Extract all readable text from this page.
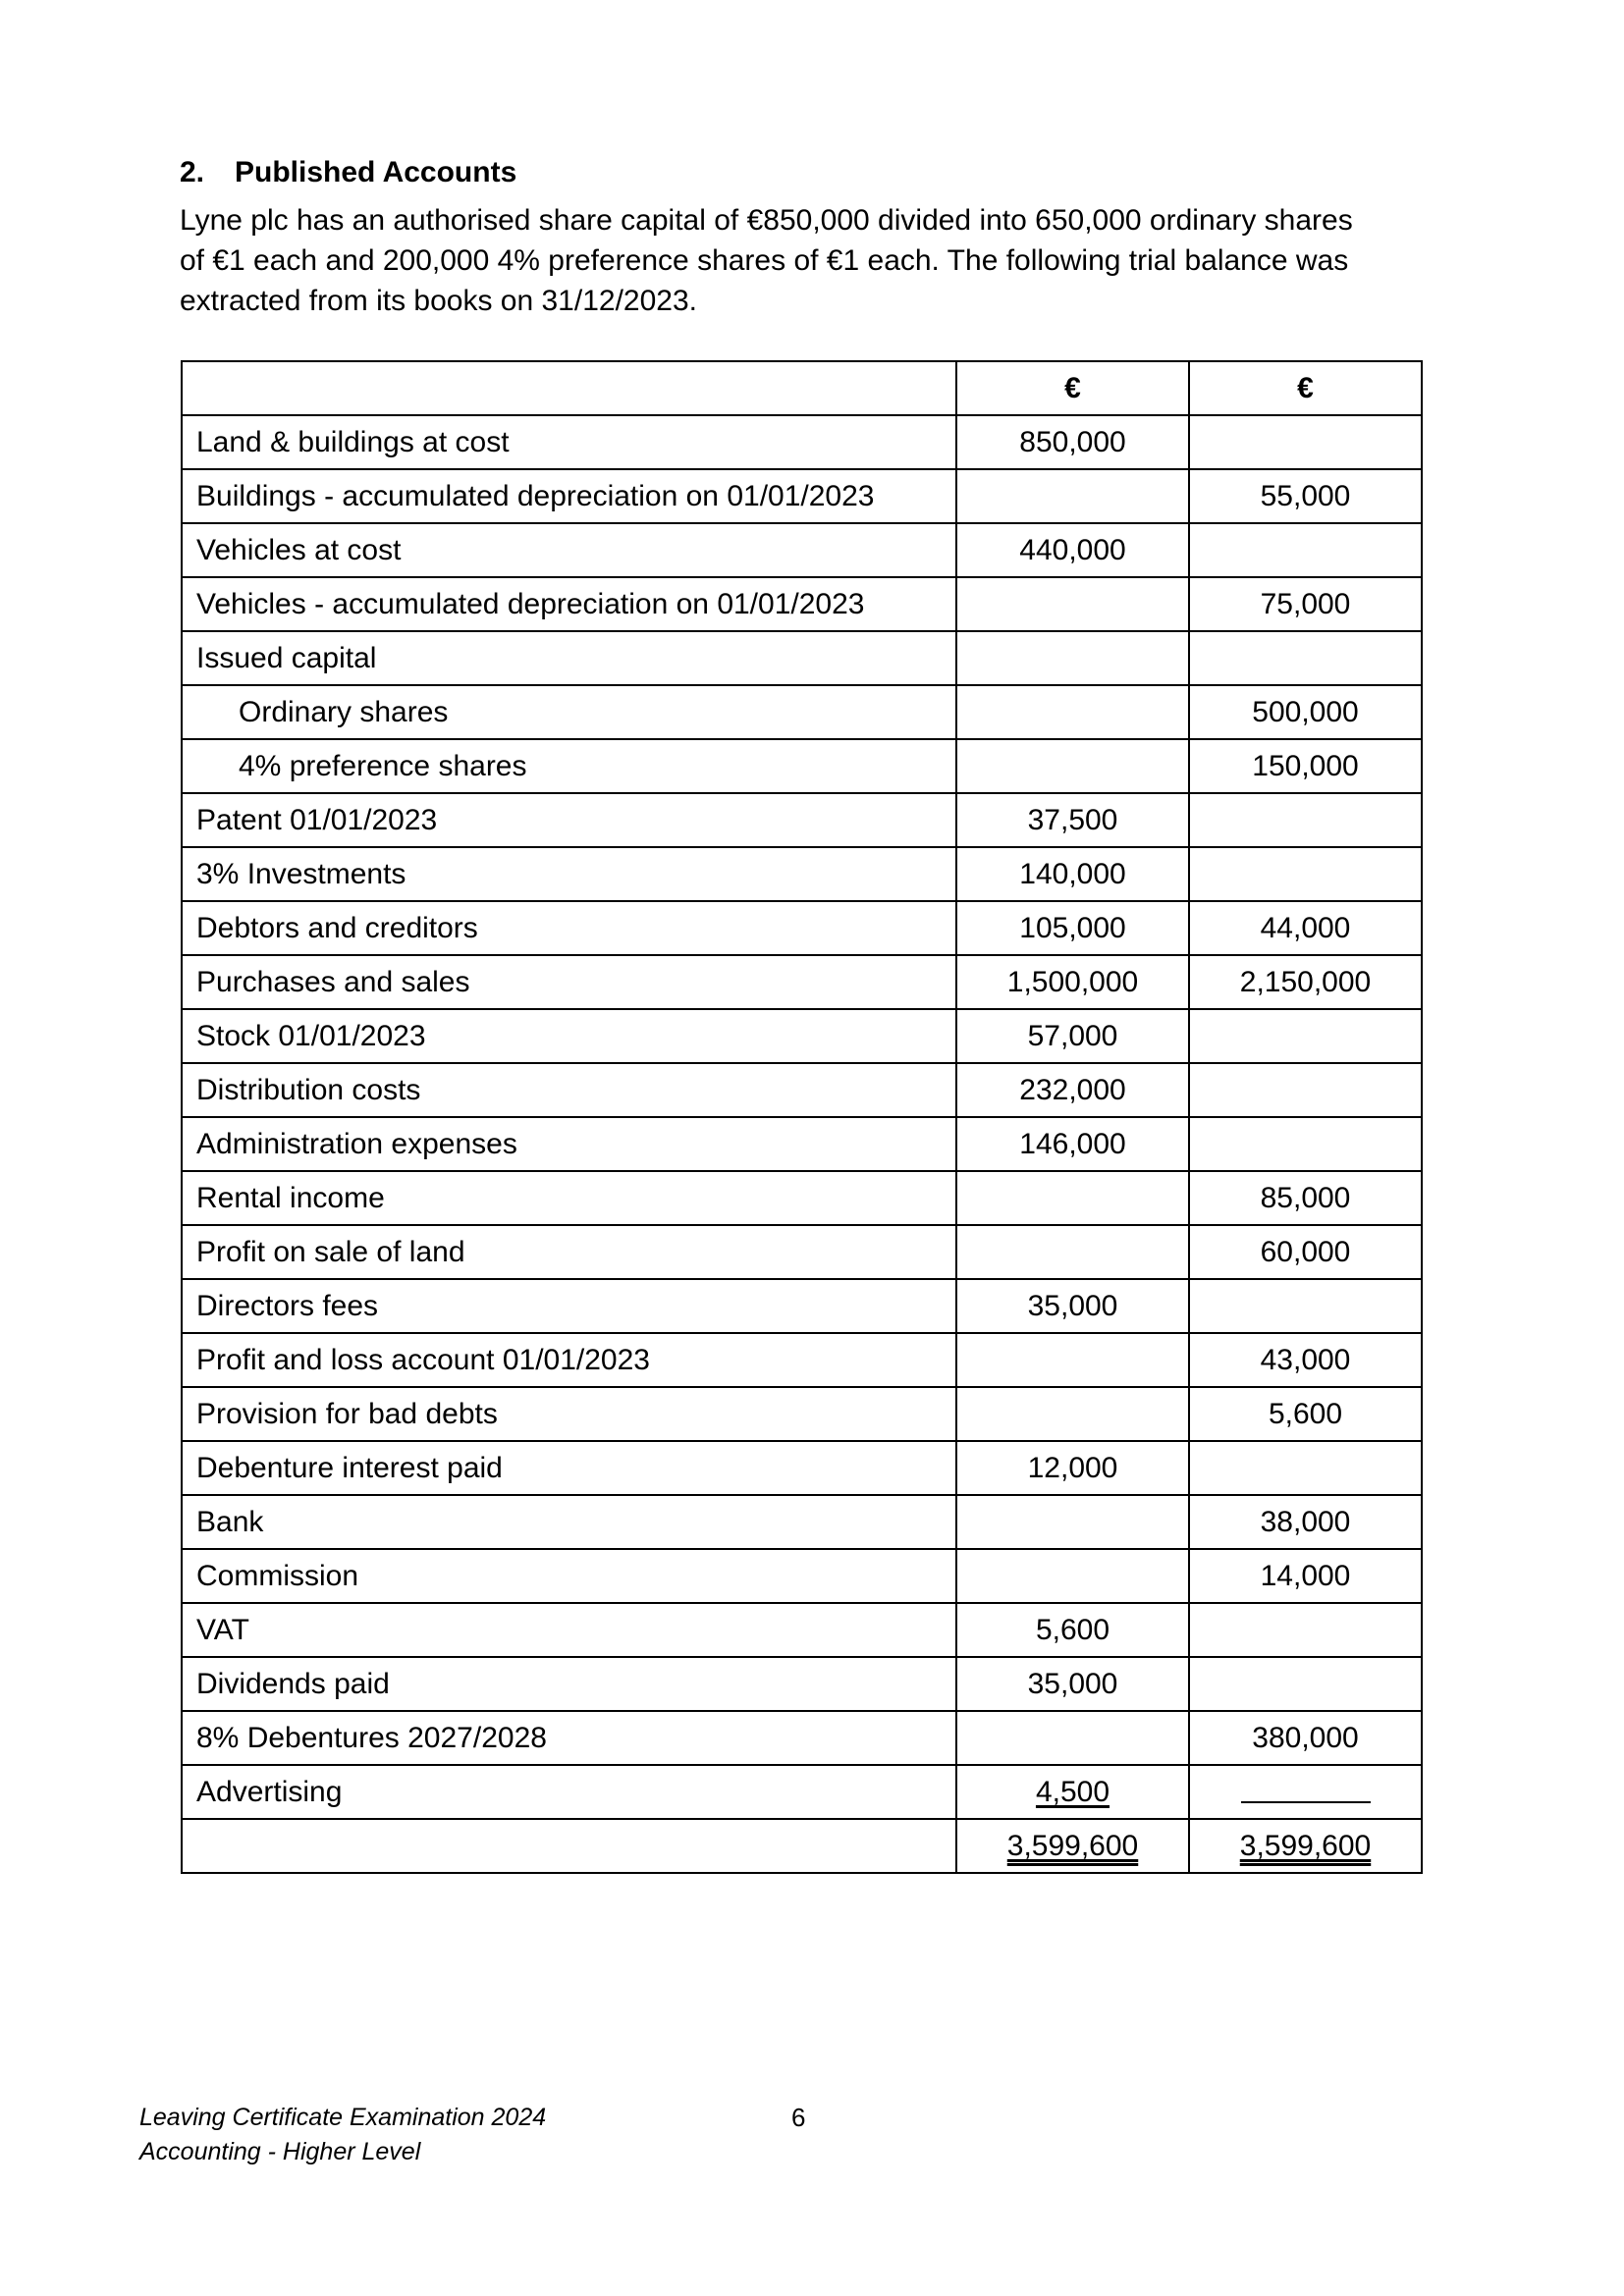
2. Published Accounts

Lyne plc has an authorised share capital of €850,000 divided into 650,000 ordinary shares

of €1 each and 200,000 4% preference shares of €1 each. The following trial balance was

extracted from its books on 31/12/2023.

	€	€
Land & buildings at cost	850,000	
Buildings - accumulated depreciation on 01/01/2023		55,000
Vehicles at cost	440,000	
Vehicles - accumulated depreciation on 01/01/2023		75,000
Issued capital		
Ordinary shares		500,000
4% preference shares		150,000
Patent 01/01/2023	37,500	
3% Investments	140,000	
Debtors and creditors	105,000	44,000
Purchases and sales	1,500,000	2,150,000
Stock 01/01/2023	57,000	
Distribution costs	232,000	
Administration expenses	146,000	
Rental income		85,000
Profit on sale of land		60,000
Directors fees	35,000	
Profit and loss account 01/01/2023		43,000
Provision for bad debts		5,600
Debenture interest paid	12,000	
Bank		38,000
Commission		14,000
VAT	5,600	
Dividends paid	35,000	
8% Debentures 2027/2028		380,000
Advertising	4,500	
	3,599,600	3,599,600
Leaving Certificate Examination 2024
Accounting - Higher Level
6
